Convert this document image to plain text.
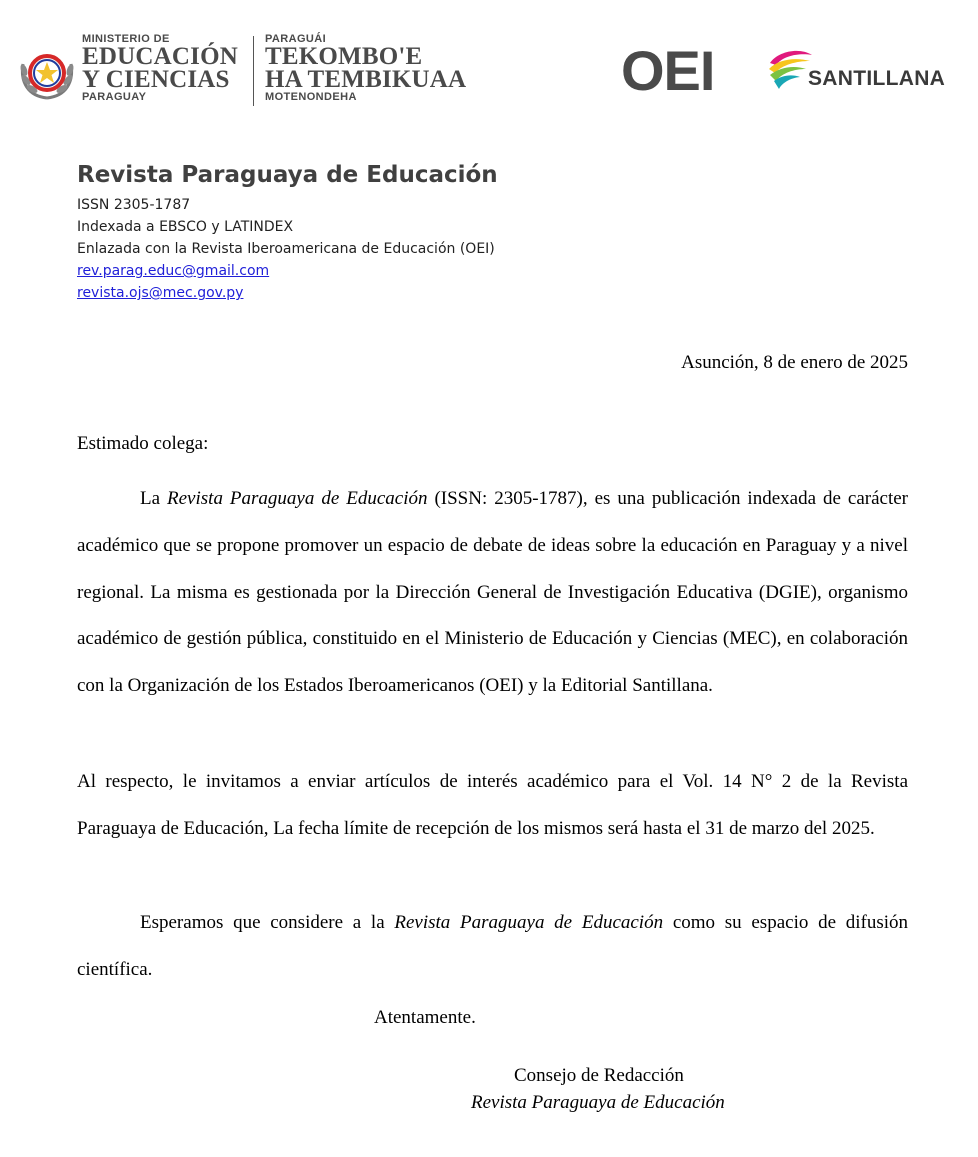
MINISTERIO DE
EDUCACIÓN
Y CIENCIAS
PARAGUAY
PARAGUÁI
TEKOMBO'E
HA TEMBIKUAA
MOTENONDEHA	OEI	SANTILLANA
Revista Paraguaya de Educación
ISSN 2305-1787
Indexada a EBSCO y LATINDEX
Enlazada con la Revista Iberoamericana de Educación (OEI)
rev.parag.educ@gmail.com
revista.ojs@mec.gov.py
Asunción, 8 de enero de 2025
Estimado colega:

La Revista Paraguaya de Educación (ISSN: 2305-1787), es una publicación indexada de carácter académico que se propone promover un espacio de debate de ideas sobre la educación en Paraguay y a nivel regional. La misma es gestionada por la Dirección General de Investigación Educativa (DGIE), organismo académico de gestión pública, constituido en el Ministerio de Educación y Ciencias (MEC), en colaboración con la Organización de los Estados Iberoamericanos (OEI) y la Editorial Santillana.

Al respecto, le invitamos a enviar artículos de interés académico para el Vol. 14 N° 2 de la Revista Paraguaya de Educación, La fecha límite de recepción de los mismos será hasta el 31 de marzo del 2025.

Esperamos que considere a la Revista Paraguaya de Educación como su espacio de difusión científica.

Atentamente.
Consejo de Redacción
Revista Paraguaya de Educación
